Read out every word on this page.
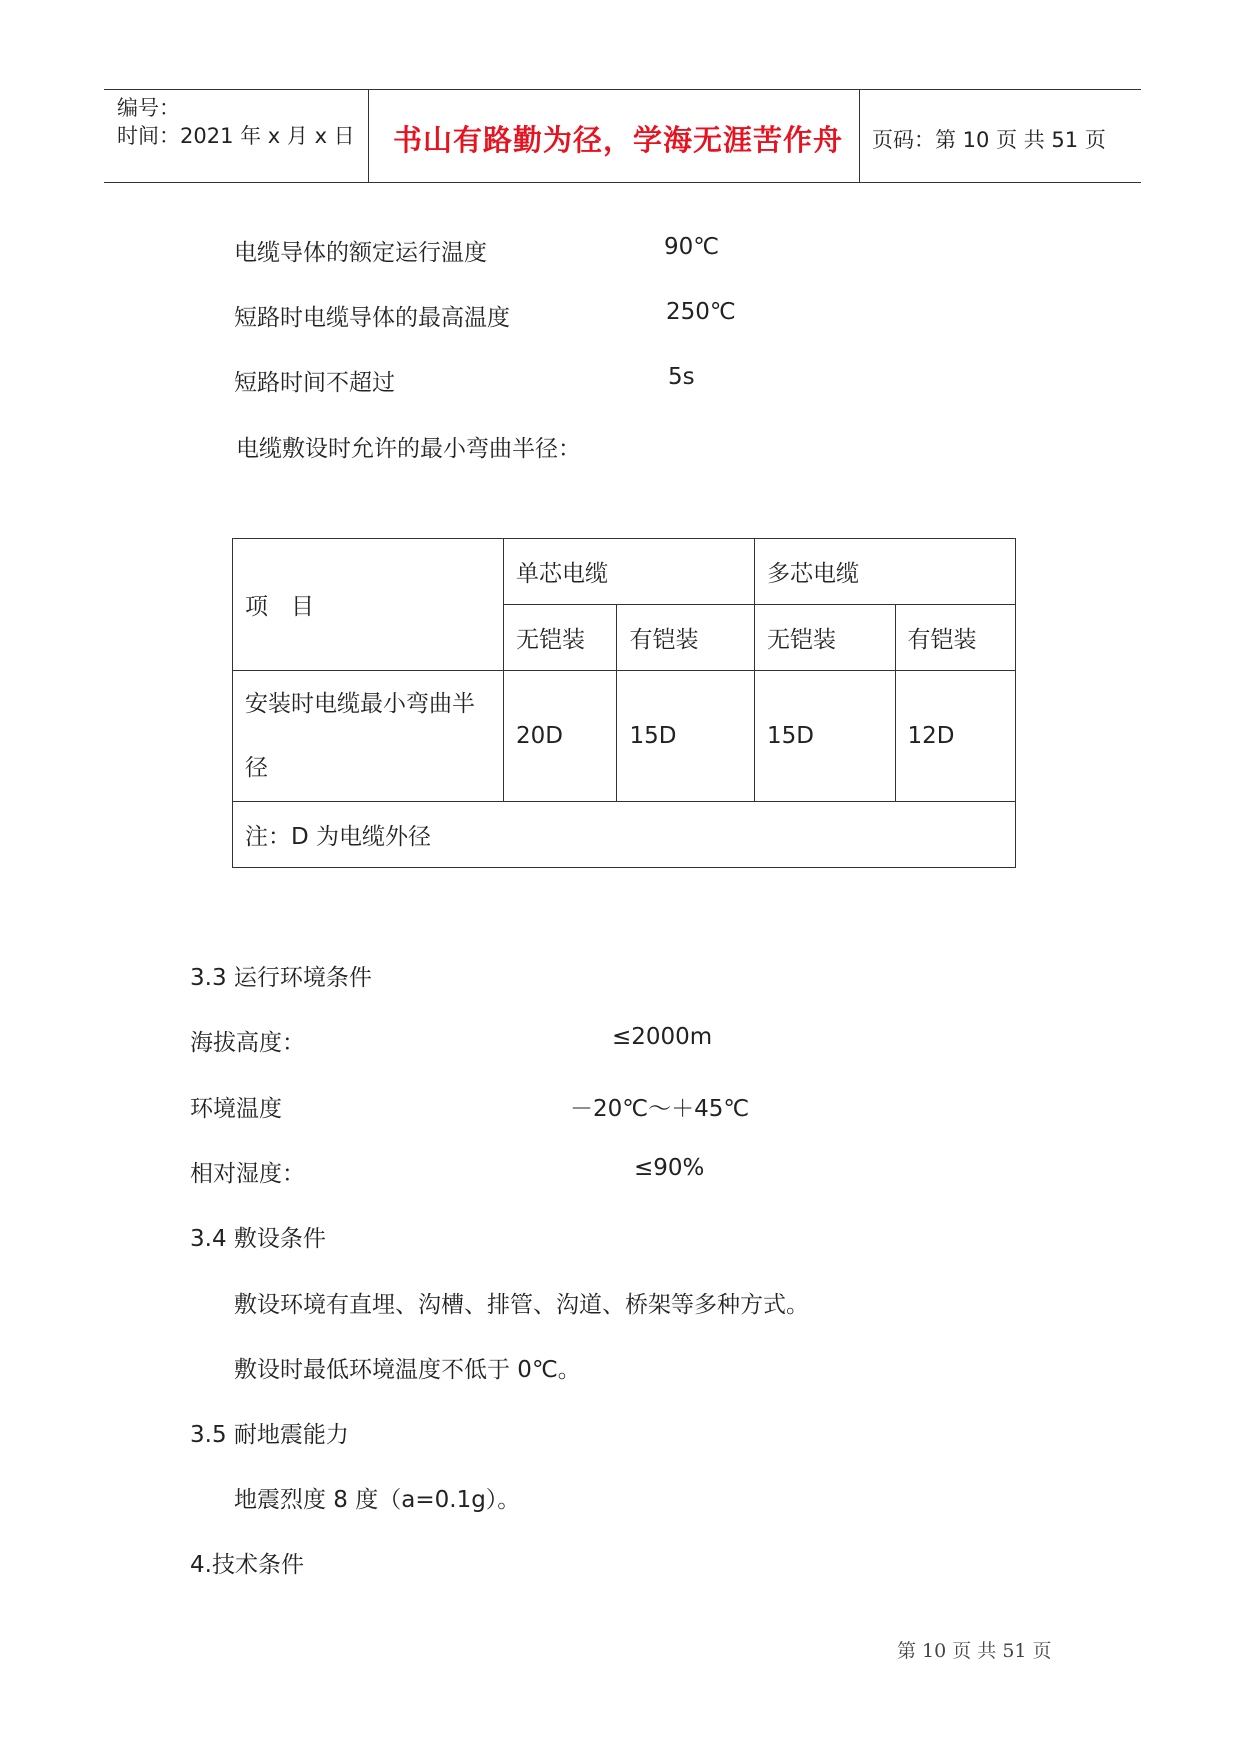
编号：
时间：2021 年 x 月 x 日 书山有路勤为径，学海无涯苦作舟 页码：第 10 页 共 51 页
电缆导体的额定运行温度	90℃
短路时电缆导体的最高温度	250℃
短路时间不超过	5s
电缆敷设时允许的最小弯曲半径：
项　目	单芯电缆		多芯电缆	
	无铠装	有铠装	无铠装	有铠装
安装时电缆最小弯曲半径	20D	15D	15D	12D
注：D 为电缆外径				
3.3 运行环境条件
海拔高度：	≤2000m
环境温度	－20℃～＋45℃
相对湿度：	≤90%
3.4 敷设条件
敷设环境有直埋、沟槽、排管、沟道、桥架等多种方式。
敷设时最低环境温度不低于 0℃。
3.5 耐地震能力
地震烈度 8 度（a=0.1g）。
4.技术条件
第 10 页 共 51 页
